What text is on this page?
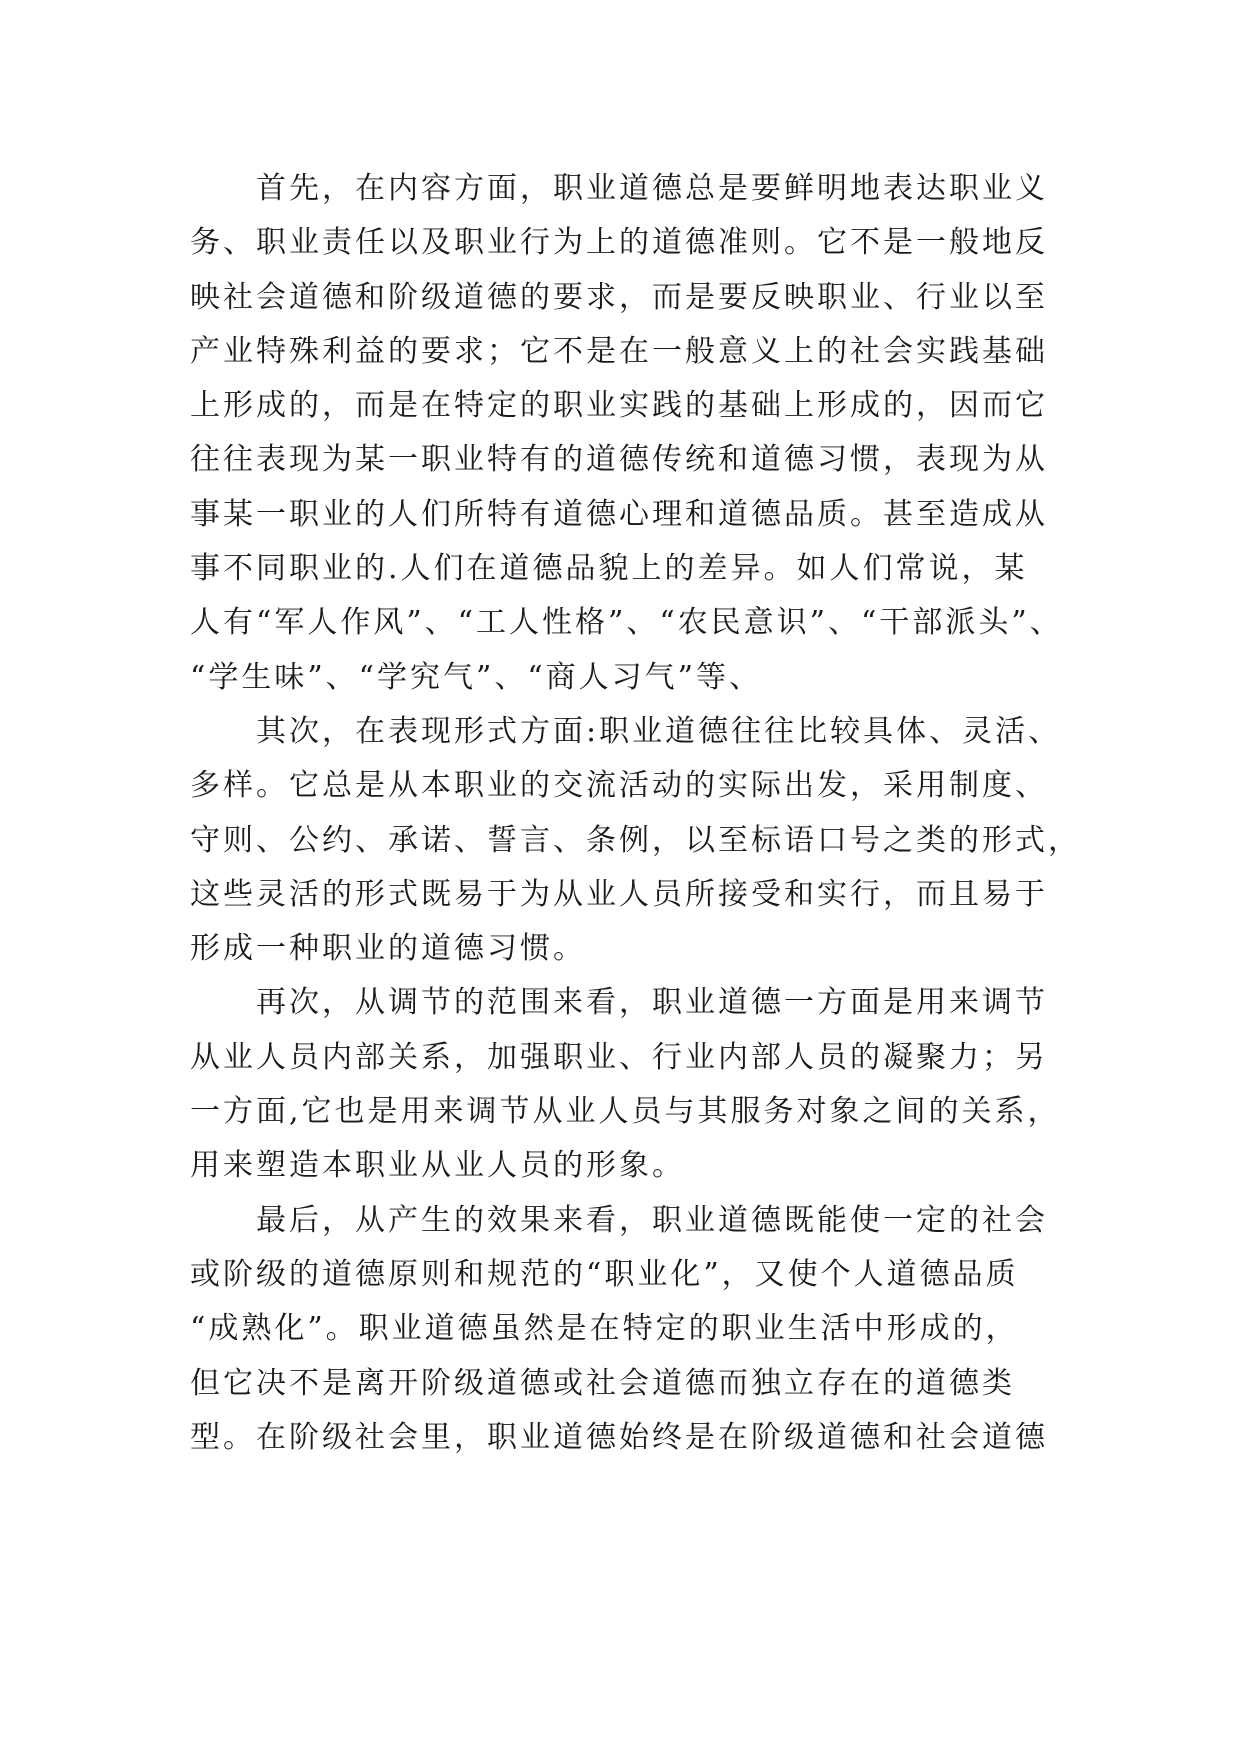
　　首先，在内容方面，职业道德总是要鲜明地表达职业义
务、职业责任以及职业行为上的道德准则。它不是一般地反
映社会道德和阶级道德的要求，而是要反映职业、行业以至
产业特殊利益的要求；它不是在一般意义上的社会实践基础
上形成的，而是在特定的职业实践的基础上形成的，因而它
往往表现为某一职业特有的道德传统和道德习惯，表现为从
事某一职业的人们所特有道德心理和道德品质。甚至造成从
事不同职业的.人们在道德品貌上的差异。如人们常说，某
人有“军人作风”、“工人性格”、“农民意识”、“干部派头”、
“学生味”、“学究气”、“商人习气”等、
　　其次，在表现形式方面:职业道德往往比较具体、灵活、
多样。它总是从本职业的交流活动的实际出发，采用制度、
守则、公约、承诺、誓言、条例，以至标语口号之类的形式，
这些灵活的形式既易于为从业人员所接受和实行，而且易于
形成一种职业的道德习惯。
　　再次，从调节的范围来看，职业道德一方面是用来调节
从业人员内部关系，加强职业、行业内部人员的凝聚力；另
一方面,它也是用来调节从业人员与其服务对象之间的关系，
用来塑造本职业从业人员的形象。
　　最后，从产生的效果来看，职业道德既能使一定的社会
或阶级的道德原则和规范的“职业化”，又使个人道德品质
“成熟化”。职业道德虽然是在特定的职业生活中形成的，
但它决不是离开阶级道德或社会道德而独立存在的道德类
型。在阶级社会里，职业道德始终是在阶级道德和社会道德
